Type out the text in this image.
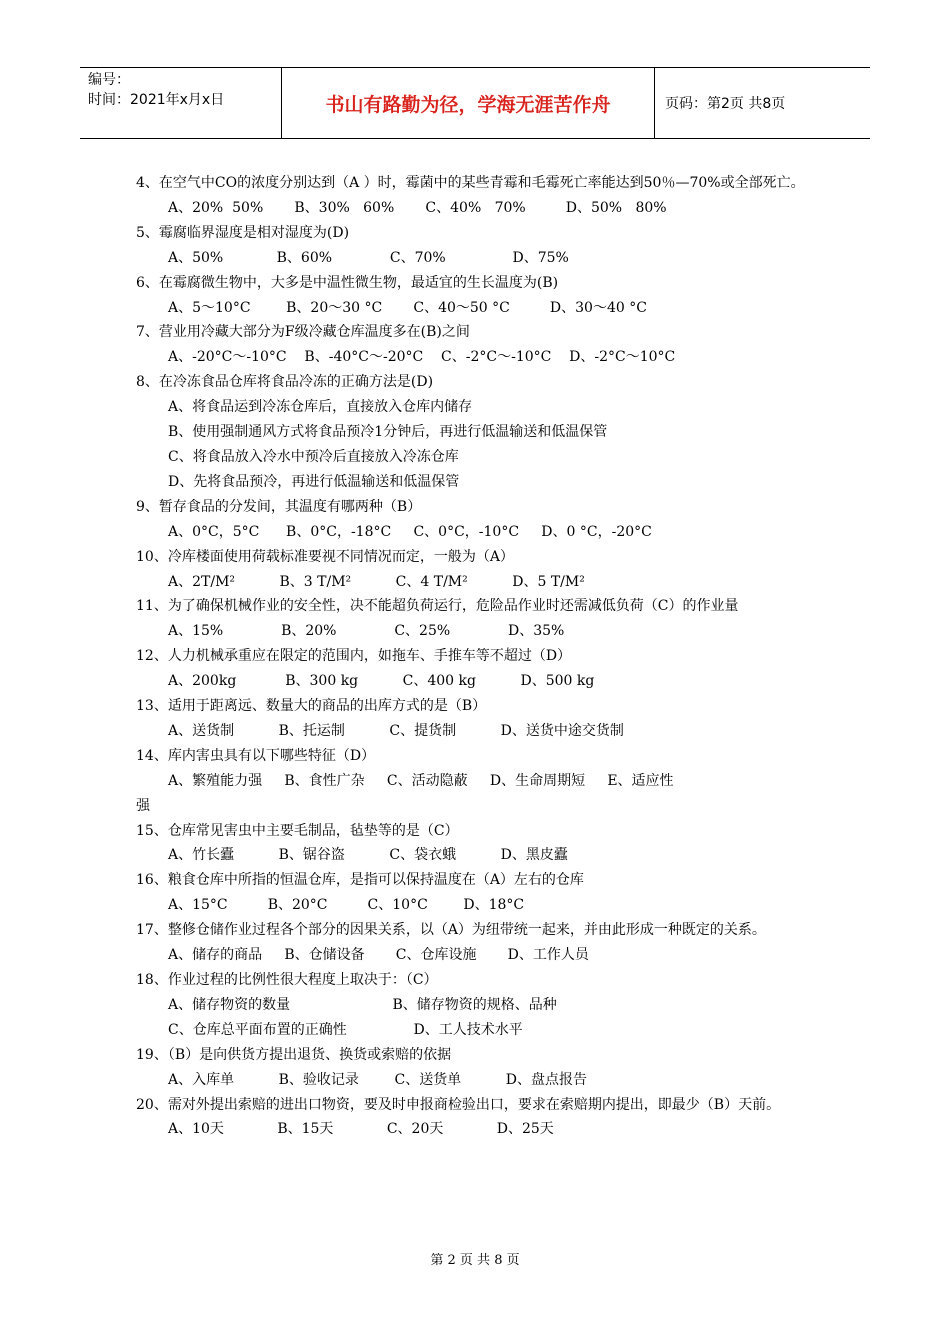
编号：
时间：2021年x月x日	书山有路勤为径，学海无涯苦作舟	页码：第2页 共8页
4、在空气中CO的浓度分别达到（A ）时，霉菌中的某些青霉和毛霉死亡率能达到50％—70%或全部死亡。
A、20%  50%       B、30%   60%       C、40%   70%         D、50%   80%
5、霉腐临界湿度是相对湿度为(D)
A、50%            B、60%             C、70%               D、75%
6、在霉腐微生物中，大多是中温性微生物，最适宜的生长温度为(B)
A、5～10°C        B、20～30 °C       C、40～50 °C         D、30～40 °C
7、营业用冷藏大部分为F级冷藏仓库温度多在(B)之间
A、-20°C～-10°C    B、-40°C～-20°C    C、-2°C～-10°C    D、-2°C～10°C
8、在冷冻食品仓库将食品冷冻的正确方法是(D)
A、将食品运到冷冻仓库后，直接放入仓库内储存
B、使用强制通风方式将食品预冷1分钟后，再进行低温输送和低温保管
C、将食品放入冷水中预冷后直接放入冷冻仓库
D、先将食品预冷，再进行低温输送和低温保管
9、暂存食品的分发间，其温度有哪两种（B）
A、0°C，5°C      B、0°C，-18°C     C、0°C，-10°C     D、0 °C，-20°C
10、冷库楼面使用荷载标准要视不同情况而定，一般为（A）
A、2T/M²          B、3 T/M²          C、4 T/M²          D、5 T/M²
11、为了确保机械作业的安全性，决不能超负荷运行，危险品作业时还需减低负荷（C）的作业量
A、15%             B、20%             C、25%             D、35%
12、人力机械承重应在限定的范围内，如拖车、手推车等不超过（D）
A、200kg           B、300 kg          C、400 kg          D、500 kg
13、适用于距离远、数量大的商品的出库方式的是（B）
A、送货制          B、托运制          C、提货制          D、送货中途交货制
14、库内害虫具有以下哪些特征（D）
A、繁殖能力强     B、食性广杂     C、活动隐蔽     D、生命周期短     E、适应性
强
15、仓库常见害虫中主要毛制品，毡垫等的是（C）
A、竹长蠹          B、锯谷盗          C、袋衣蛾          D、黑皮蠹
16、粮食仓库中所指的恒温仓库，是指可以保持温度在（A）左右的仓库
A、15°C         B、20°C         C、10°C        D、18°C
17、整修仓储作业过程各个部分的因果关系，以（A）为纽带统一起来，并由此形成一种既定的关系。
A、储存的商品     B、仓储设备       C、仓库设施       D、工作人员
18、作业过程的比例性很大程度上取决于：（C）
A、储存物资的数量                       B、储存物资的规格、品种
C、仓库总平面布置的正确性               D、工人技术水平
19、（B）是向供货方提出退货、换货或索赔的依据
A、入库单          B、验收记录        C、送货单          D、盘点报告
20、需对外提出索赔的进出口物资，要及时申报商检验出口，要求在索赔期内提出，即最少（B）天前。
A、10天            B、15天            C、20天            D、25天
第 2 页 共 8 页
